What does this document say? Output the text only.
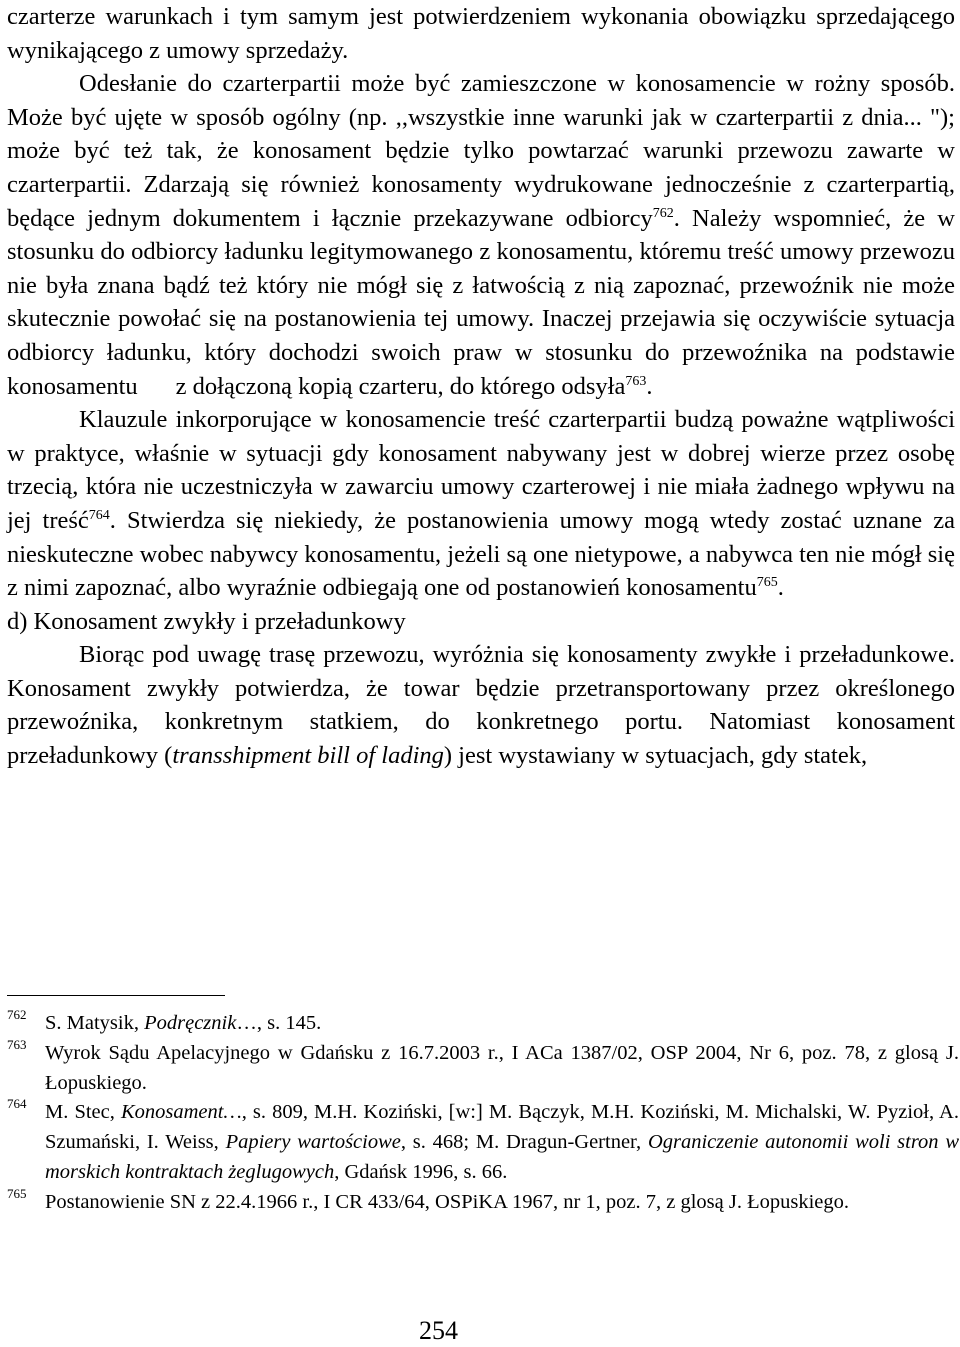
czarterze warunkach i tym samym jest potwierdzeniem wykonania obowiązku sprzedającego wynikającego z umowy sprzedaży.

Odesłanie do czarterpartii może być zamieszczone w konosamencie w rożny sposób. Może być ujęte w sposób ogólny (np. ,,wszystkie inne warunki jak w czarterpartii z dnia... "); może być też tak, że konosament będzie tylko powtarzać warunki przewozu zawarte w czarterpartii. Zdarzają się również konosamenty wydrukowane jednocześnie z czarterpartią, będące jednym dokumentem i łącznie przekazywane odbiorcy$^{762}$. Należy wspomnieć, że w stosunku do odbiorcy ładunku legitymowanego z konosamentu, któremu treść umowy przewozu nie była znana bądź też który nie mógł się z łatwością z nią zapoznać, przewoźnik nie może skutecznie powołać się na postanowienia tej umowy. Inaczej przejawia się oczywiście sytuacja odbiorcy ładunku, który dochodzi swoich praw w stosunku do przewoźnika na podstawie konosamentu z dołączoną kopią czarteru, do którego odsyła$^{763}$.

Klauzule inkorporujące w konosamencie treść czarterpartii budzą poważne wątpliwości w praktyce, właśnie w sytuacji gdy konosament nabywany jest w dobrej wierze przez osobę trzecią, która nie uczestniczyła w zawarciu umowy czarterowej i nie miała żadnego wpływu na jej treść$^{764}$. Stwierdza się niekiedy, że postanowienia umowy mogą wtedy zostać uznane za nieskuteczne wobec nabywcy konosamentu, jeżeli są one nietypowe, a nabywca ten nie mógł się z nimi zapoznać, albo wyraźnie odbiegają one od postanowień konosamentu$^{765}$.

d) Konosament zwykły i przeładunkowy

Biorąc pod uwagę trasę przewozu, wyróżnia się konosamenty zwykłe i przeładunkowe. Konosament zwykły potwierdza, że towar będzie przetransportowany przez określonego przewoźnika, konkretnym statkiem, do konkretnego portu. Natomiast konosament przeładunkowy (transshipment bill of lading) jest wystawiany w sytuacjach, gdy statek,

762 S. Matysik, Podręcznik…, s. 145.
763 Wyrok Sądu Apelacyjnego w Gdańsku z 16.7.2003 r., I ACa 1387/02, OSP 2004, Nr 6, poz. 78, z glosą J. Łopuskiego.
764 M. Stec, Konosament…, s. 809, M.H. Koziński, [w:] M. Bączyk, M.H. Koziński, M. Michalski, W. Pyzioł, A. Szumański, I. Weiss, Papiery wartościowe, s. 468; M. Dragun-Gertner, Ograniczenie autonomii woli stron w morskich kontraktach żeglugowych, Gdańsk 1996, s. 66.
765 Postanowienie SN z 22.4.1966 r., I CR 433/64, OSPiKA 1967, nr 1, poz. 7, z glosą J. Łopuskiego.
254
